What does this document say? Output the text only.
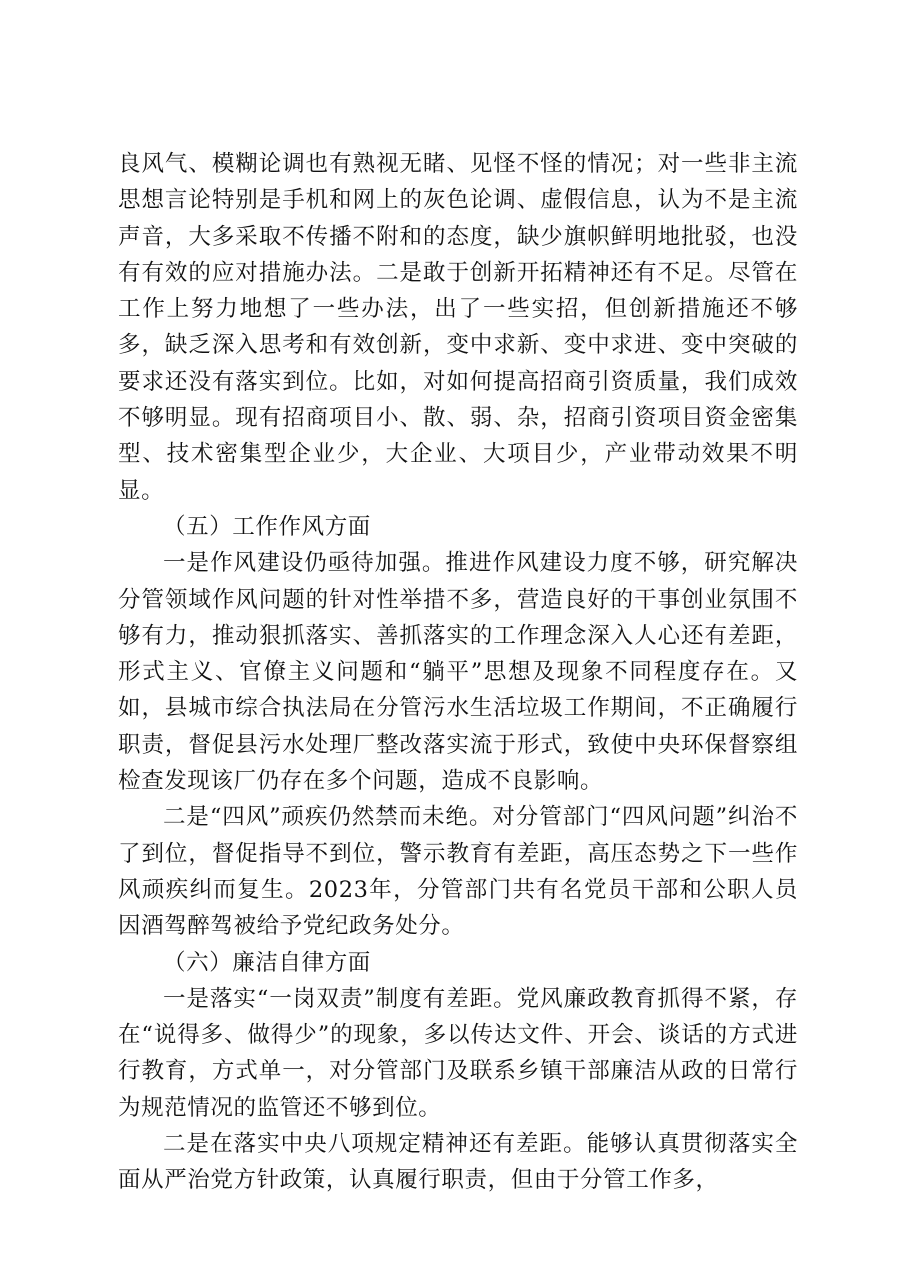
良风气、模糊论调也有熟视无睹、见怪不怪的情况；对一些非主流思想言论特别是手机和网上的灰色论调、虚假信息，认为不是主流声音，大多采取不传播不附和的态度，缺少旗帜鲜明地批驳，也没有有效的应对措施办法。二是敢于创新开拓精神还有不足。尽管在工作上努力地想了一些办法，出了一些实招，但创新措施还不够多，缺乏深入思考和有效创新，变中求新、变中求进、变中突破的要求还没有落实到位。比如，对如何提高招商引资质量，我们成效不够明显。现有招商项目小、散、弱、杂，招商引资项目资金密集型、技术密集型企业少，大企业、大项目少，产业带动效果不明显。

（五）工作作风方面

一是作风建设仍亟待加强。推进作风建设力度不够，研究解决分管领域作风问题的针对性举措不多，营造良好的干事创业氛围不够有力，推动狠抓落实、善抓落实的工作理念深入人心还有差距，形式主义、官僚主义问题和“躺平”思想及现象不同程度存在。又如，县城市综合执法局在分管污水生活垃圾工作期间，不正确履行职责，督促县污水处理厂整改落实流于形式，致使中央环保督察组检查发现该厂仍存在多个问题，造成不良影响。

二是“四风”顽疾仍然禁而未绝。对分管部门“四风问题”纠治不了到位，督促指导不到位，警示教育有差距，高压态势之下一些作风顽疾纠而复生。2023年，分管部门共有名党员干部和公职人员因酒驾醉驾被给予党纪政务处分。

（六）廉洁自律方面

一是落实“一岗双责”制度有差距。党风廉政教育抓得不紧，存在“说得多、做得少”的现象，多以传达文件、开会、谈话的方式进行教育，方式单一，对分管部门及联系乡镇干部廉洁从政的日常行为规范情况的监管还不够到位。

二是在落实中央八项规定精神还有差距。能够认真贯彻落实全面从严治党方针政策，认真履行职责，但由于分管工作多，
